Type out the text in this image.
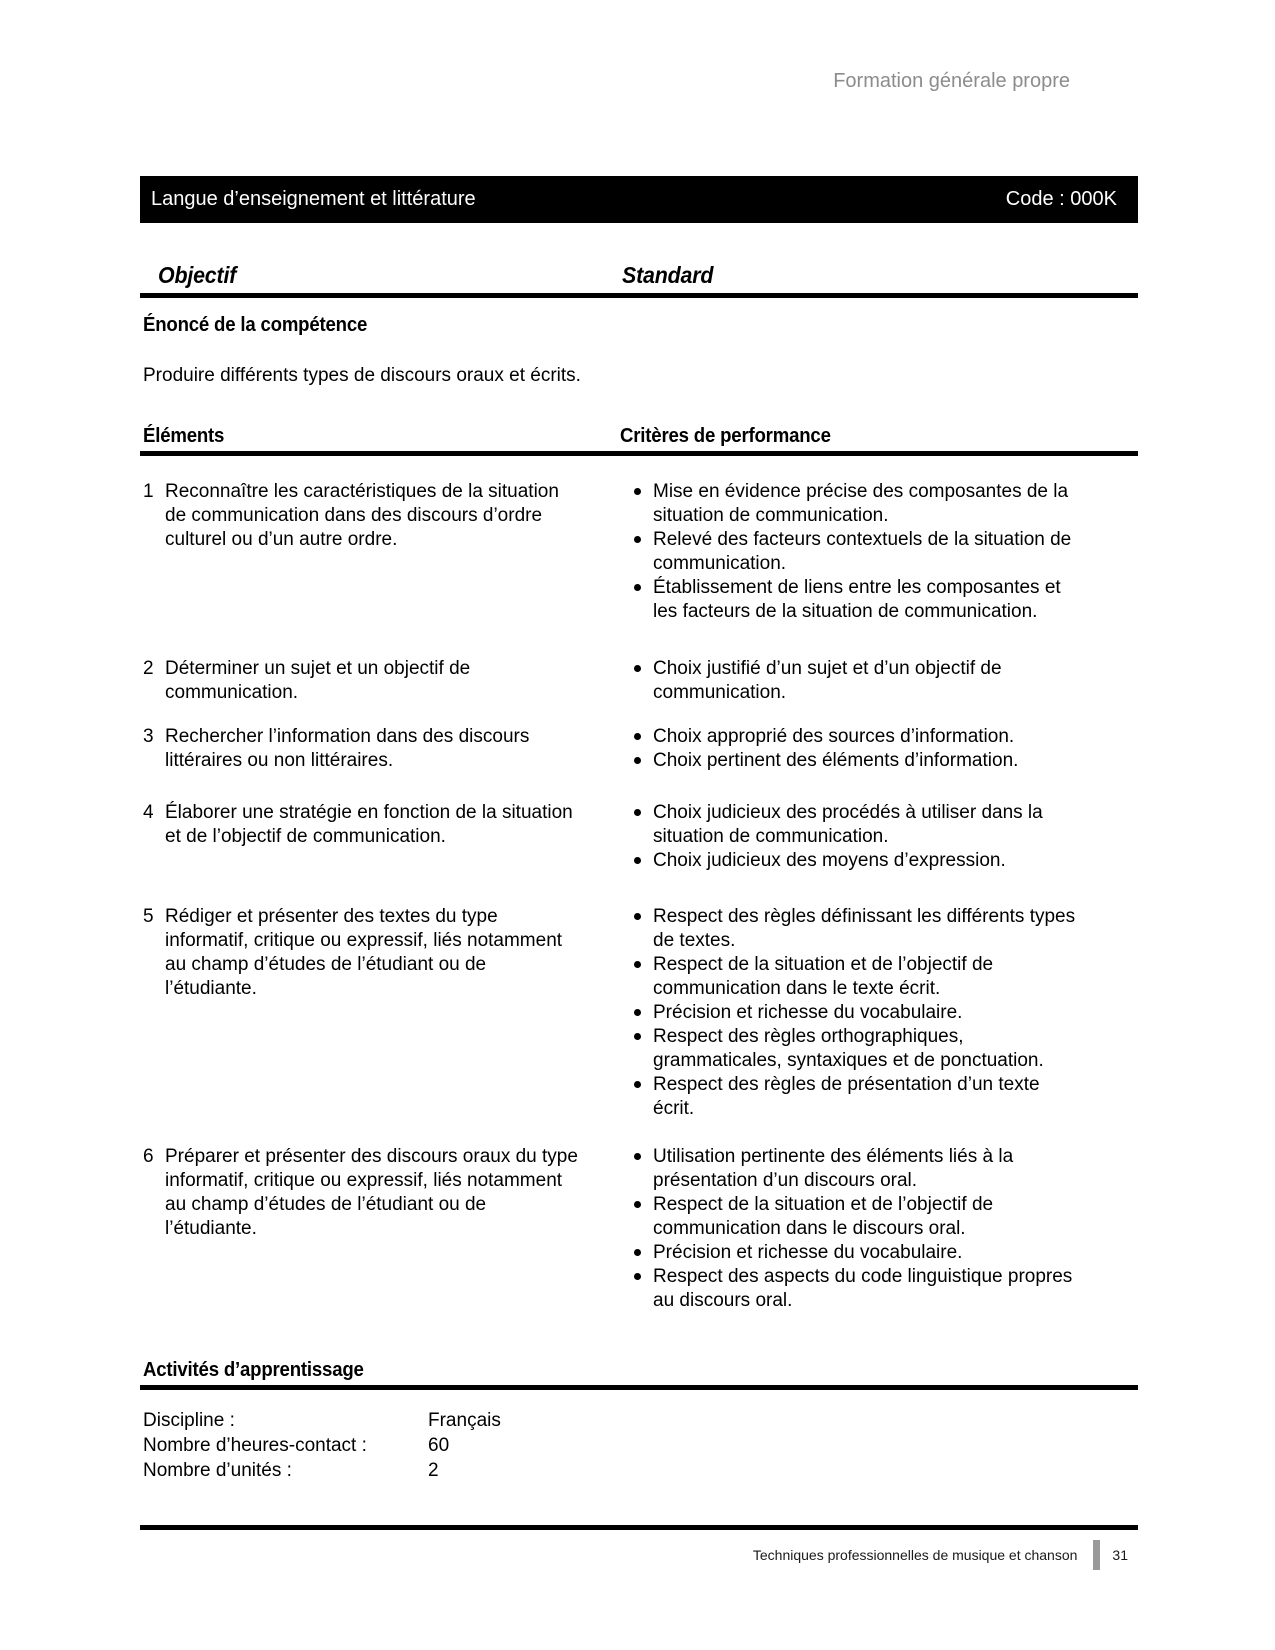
Formation générale propre
Langue d’enseignement et littérature	Code : 000K
Objectif	Standard
Énoncé de la compétence

Produire différents types de discours oraux et écrits.

Éléments	Critères de performance
1 Reconnaître les caractéristiques de la situation de communication dans des discours d’ordre culturel ou d’un autre ordre.
Mise en évidence précise des composantes de la situation de communication.
Relevé des facteurs contextuels de la situation de communication.
Établissement de liens entre les composantes et les facteurs de la situation de communication.
2 Déterminer un sujet et un objectif de communication.
Choix justifié d’un sujet et d’un objectif de communication.
3 Rechercher l’information dans des discours littéraires ou non littéraires.
Choix approprié des sources d’information.
Choix pertinent des éléments d’information.
4 Élaborer une stratégie en fonction de la situation et de l’objectif de communication.
Choix judicieux des procédés à utiliser dans la situation de communication.
Choix judicieux des moyens d’expression.
5 Rédiger et présenter des textes du type informatif, critique ou expressif, liés notamment au champ d’études de l’étudiant ou de l’étudiante.
Respect des règles définissant les différents types de textes.
Respect de la situation et de l’objectif de communication dans le texte écrit.
Précision et richesse du vocabulaire.
Respect des règles orthographiques, grammaticales, syntaxiques et de ponctuation.
Respect des règles de présentation d’un texte écrit.
6 Préparer et présenter des discours oraux du type informatif, critique ou expressif, liés notamment au champ d’études de l’étudiant ou de l’étudiante.
Utilisation pertinente des éléments liés à la présentation d’un discours oral.
Respect de la situation et de l’objectif de communication dans le discours oral.
Précision et richesse du vocabulaire.
Respect des aspects du code linguistique propres au discours oral.
Activités d’apprentissage
Discipline :	Français
Nombre d’heures-contact :	60
Nombre d’unités :	2
Techniques professionnelles de musique et chanson	31
